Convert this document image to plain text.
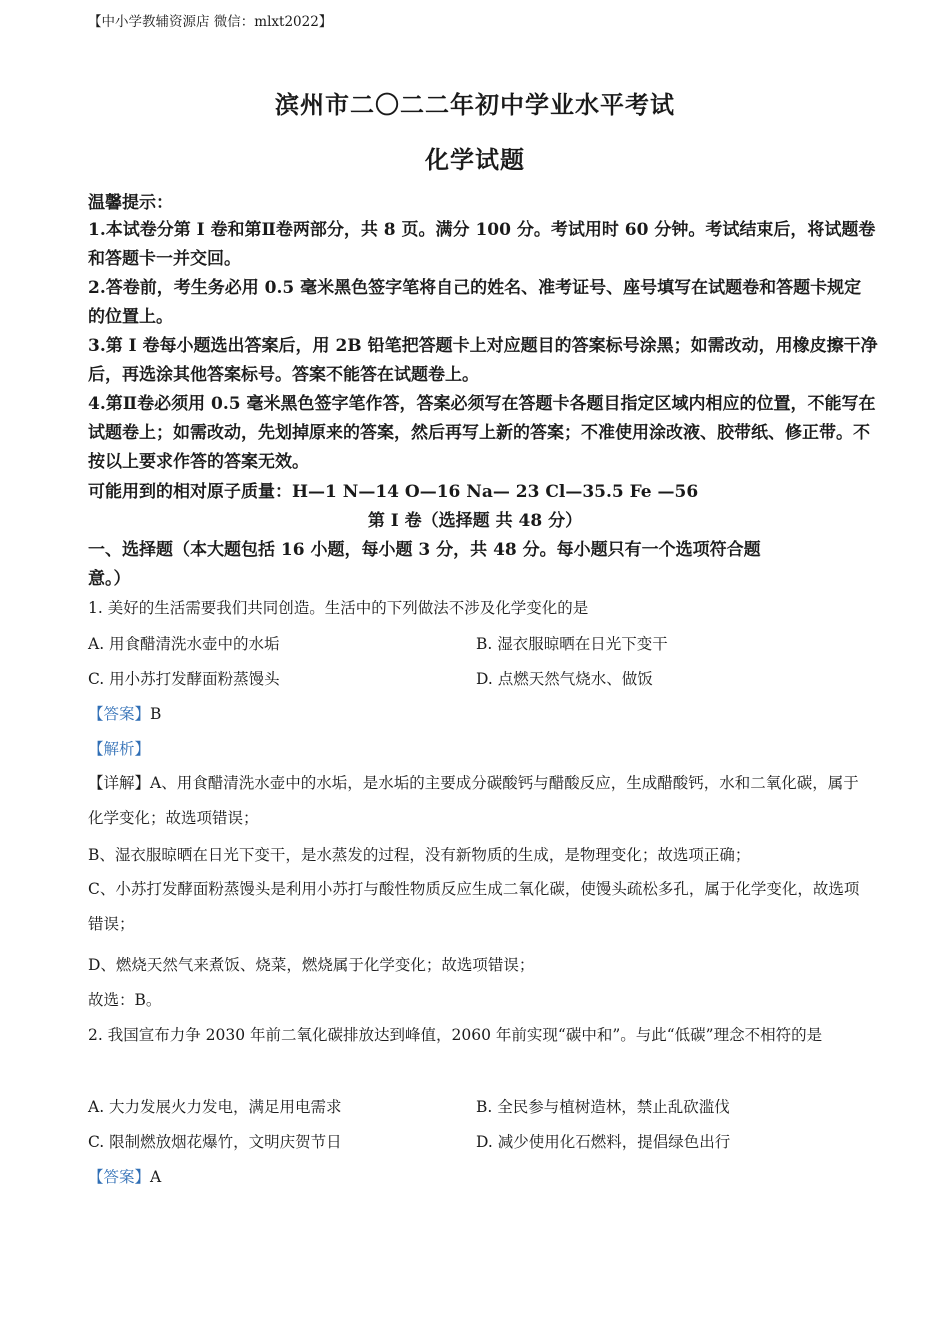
【中小学教辅资源店 微信：mlxt2022】
滨州市二〇二二年初中学业水平考试
化学试题
温馨提示：
1.本试卷分第 I 卷和第Ⅱ卷两部分，共 8 页。满分 100 分。考试用时 60 分钟。考试结束后，将试题卷和答题卡一并交回。
2.答卷前，考生务必用 0.5 毫米黑色签字笔将自己的姓名、准考证号、座号填写在试题卷和答题卡规定的位置上。
3.第 I 卷每小题选出答案后，用 2B 铅笔把答题卡上对应题目的答案标号涂黑；如需改动，用橡皮擦干净后，再选涂其他答案标号。答案不能答在试题卷上。
4.第Ⅱ卷必须用 0.5 毫米黑色签字笔作答，答案必须写在答题卡各题目指定区域内相应的位置，不能写在试题卷上；如需改动，先划掉原来的答案，然后再写上新的答案；不准使用涂改液、胶带纸、修正带。不按以上要求作答的答案无效。
可能用到的相对原子质量：H—1 N—14 O—16 Na— 23 Cl—35.5 Fe —56
第 I 卷（选择题 共 48 分）
一、选择题（本大题包括 16 小题，每小题 3 分，共 48 分。每小题只有一个选项符合题
意。）
1. 美好的生活需要我们共同创造。生活中的下列做法不涉及化学变化的是
A. 用食醋清洗水壶中的水垢	B. 湿衣服晾晒在日光下变干
C. 用小苏打发酵面粉蒸馒头	D. 点燃天然气烧水、做饭
【答案】B
【解析】
【详解】A、用食醋清洗水壶中的水垢，是水垢的主要成分碳酸钙与醋酸反应，生成醋酸钙，水和二氧化碳，属于化学变化；故选项错误；
B、湿衣服晾晒在日光下变干，是水蒸发的过程，没有新物质的生成，是物理变化；故选项正确；
C、小苏打发酵面粉蒸馒头是利用小苏打与酸性物质反应生成二氧化碳，使馒头疏松多孔，属于化学变化，故选项错误；
D、燃烧天然气来煮饭、烧菜，燃烧属于化学变化；故选项错误；
故选：B。
2. 我国宣布力争 2030 年前二氧化碳排放达到峰值，2060 年前实现“碳中和”。与此“低碳”理念不相符的是
A. 大力发展火力发电，满足用电需求	B. 全民参与植树造林，禁止乱砍滥伐
C. 限制燃放烟花爆竹，文明庆贺节日	D. 减少使用化石燃料，提倡绿色出行
【答案】A
